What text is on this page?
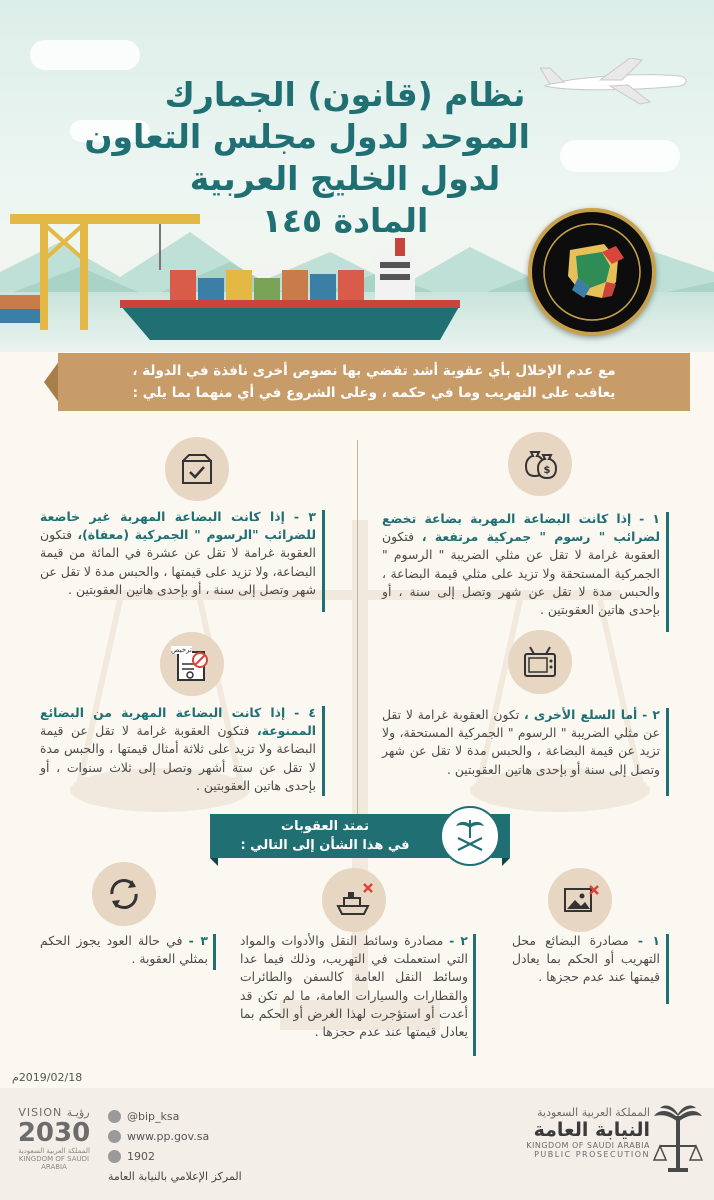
نظام (قانون) الجمارك
الموحد لدول مجلس التعاون
لدول الخليج العربية
المادة ١٤٥
مع عدم الإخلال بأي عقوبة أشد تقضي بها نصوص أخرى نافذة في الدولة ،
يعاقب على التهريب وما في حكمه ، وعلى الشروع في أي منهما بما يلي :
$
ترخيص
١ - إذا كانت البضاعة المهربة بضاعة تخضع لضرائب " رسوم " جمركية مرتفعة ، فتكون العقوبة غرامة لا تقل عن مثلي الضريبة " الرسوم " الجمركية المستحقة ولا تزيد على مثلي قيمة البضاعة ، والحبس مدة لا تقل عن شهر وتصل إلى سنة ، أو بإحدى هاتين العقوبتين .
٣ - إذا كانت البضاعة المهربة غير خاضعة للضرائب "الرسوم " الجمركية (معفاة)، فتكون العقوبة غرامة لا تقل عن عشرة في المائة من قيمة البضاعة، ولا تزيد على قيمتها ، والحبس مدة لا تقل عن شهر وتصل إلى سنة ، أو بإحدى هاتين العقوبتين .
٢ - أما السلع الأخرى ، تكون العقوبة غرامة لا تقل عن مثلي الضريبة " الرسوم " الجمركية المستحقة، ولا تزيد عن قيمة البضاعة ، والحبس مدة لا تقل عن شهر وتصل إلى سنة أو بإحدى هاتين العقوبتين .
٤ - إذا كانت البضاعة المهربة من البضائع الممنوعة، فتكون العقوبة غرامة لا تقل عن قيمة البضاعة ولا تزيد على ثلاثة أمثال قيمتها ، والحبس مدة لا تقل عن ستة أشهر وتصل إلى ثلاث سنوات ، أو بإحدى هاتين العقوبتين .
تمتد العقوبات
في هذا الشأن إلى التالي :
١ - مصادرة البضائع محل التهريب أو الحكم بما يعادل قيمتها عند عدم حجزها .
٢ - مصادرة وسائط النقل والأدوات والمواد التي استعملت في التهريب، وذلك فيما عدا وسائط النقل العامة كالسفن والطائرات والقطارات والسيارات العامة، ما لم تكن قد أعدت أو استؤجرت لهذا الغرض أو الحكم بما يعادل قيمتها عند عدم حجزها .
٣ - في حالة العود يجوز الحكم بمثلي العقوبة .
2019/02/18م
VISION رؤيـة
2030
المملكة العربية السعودية
KINGDOM OF SAUDI ARABIA
@bip_ksa
www.pp.gov.sa
1902
المركز الإعلامي بالنيابة العامة
المملكة العربية السعودية
النيابة العامة
KINGDOM OF SAUDI ARABIA
PUBLIC PROSECUTION
